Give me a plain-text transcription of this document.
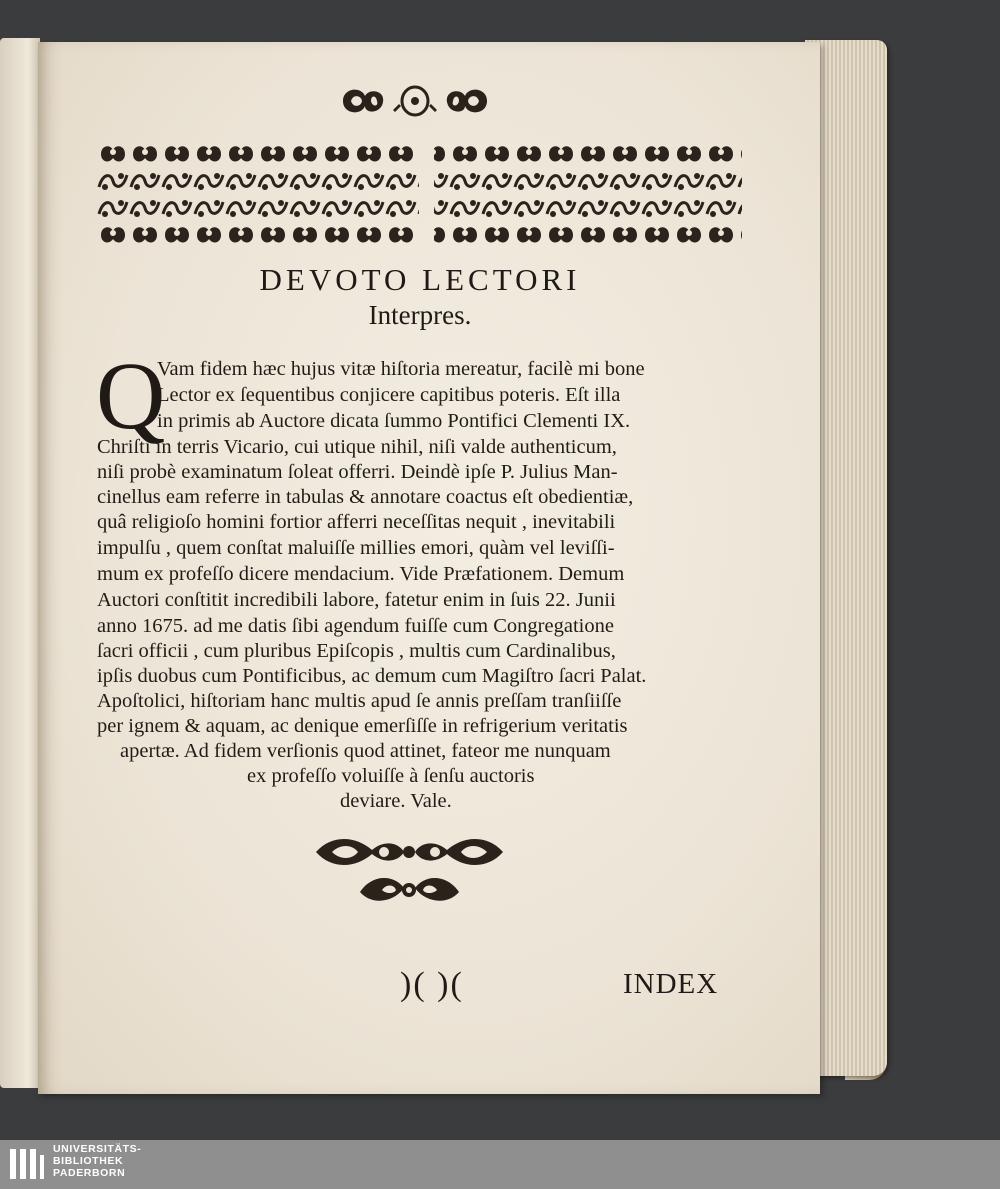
DEVOTO LECTORI
Interpres.
Q
Vam fidem hæc hujus vitæ hiſtoria mereatur, facilè mi bone
Lector ex ſequentibus conjicere capitibus poteris. Eſt illa
in primis ab Auctore dicata ſummo Pontifici Clementi IX.
Chriſti in terris Vicario, cui utique nihil, niſi valde authenticum,
niſi probè examinatum ſoleat offerri. Deindè ipſe P. Julius Man-
cinellus eam referre in tabulas & annotare coactus eſt obedientiæ,
quâ religioſo homini fortior afferri neceſſitas nequit , inevitabili
impulſu , quem conſtat maluiſſe millies emori, quàm vel leviſſi-
mum ex profeſſo dicere mendacium. Vide Præfationem. Demum
Auctori conſtitit incredibili labore, fatetur enim in ſuis 22. Junii
anno 1675. ad me datis ſibi agendum fuiſſe cum Congregatione
ſacri officii , cum pluribus Epiſcopis , multis cum Cardinalibus,
ipſis duobus cum Pontificibus, ac demum cum Magiſtro ſacri Palat.
Apoſtolici, hiſtoriam hanc multis apud ſe annis preſſam tranſiiſſe
per ignem & aquam, ac denique emerſiſſe in refrigerium veritatis
apertæ. Ad fidem verſionis quod attinet, fateor me nunquam
ex profeſſo voluiſſe à ſenſu auctoris
deviare. Vale.
)( )(	INDEX
UNIVERSITÄTS-
BIBLIOTHEK
PADERBORN
